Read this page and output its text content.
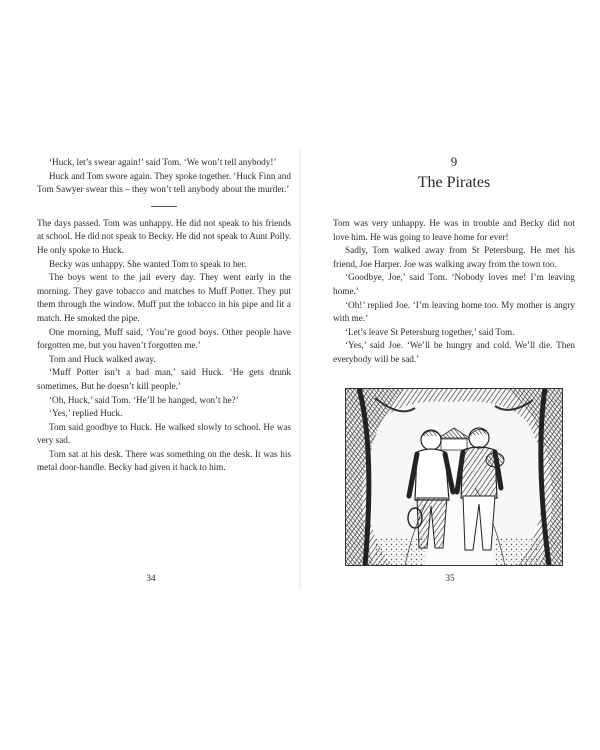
‘Huck, let’s swear again!’ said Tom. ‘We won’t tell anybody!’

Huck and Tom swore again. They spoke together. ‘Huck Finn and Tom Sawyer swear this – they won’t tell anybody about the murder.’

The days passed. Tom was unhappy. He did not speak to his friends at school. He did not speak to Becky. He did not speak to Aunt Polly. He only spoke to Huck.

Becky was unhappy. She wanted Tom to speak to her.

The boys went to the jail every day. They went early in the morning. They gave tobacco and matches to Muff Potter. They put them through the window. Muff put the tobacco in his pipe and lit a match. He smoked the pipe.

One morning, Muff said, ‘You’re good boys. Other people have forgotten me, but you haven’t forgotten me.’

Tom and Huck walked away.

‘Muff Potter isn’t a bad man,’ said Huck. ‘He gets drunk sometimes. But he doesn’t kill people.’

‘Oh, Huck,’ said Tom. ‘He’ll be hanged, won’t he?’

‘Yes,’ replied Huck.

Tom said goodbye to Huck. He walked slowly to school. He was very sad.

Tom sat at his desk. There was something on the desk. It was his metal door-handle. Becky had given it back to him.

34
9
The Pirates

Tom was very unhappy. He was in trouble and Becky did not love him. He was going to leave home for ever!

Sadly, Tom walked away from St Petersburg. He met his friend, Joe Harper. Joe was walking away from the town too.

‘Goodbye, Joe,’ said Tom. ‘Nobody loves me! I’m leaving home.’

‘Oh!’ replied Joe. ‘I’m leaving home too. My mother is angry with me.’

‘Let’s leave St Petersburg together,’ said Tom.

‘Yes,’ said Joe. ‘We’ll be hungry and cold. We’ll die. Then everybody will be sad.’

35
